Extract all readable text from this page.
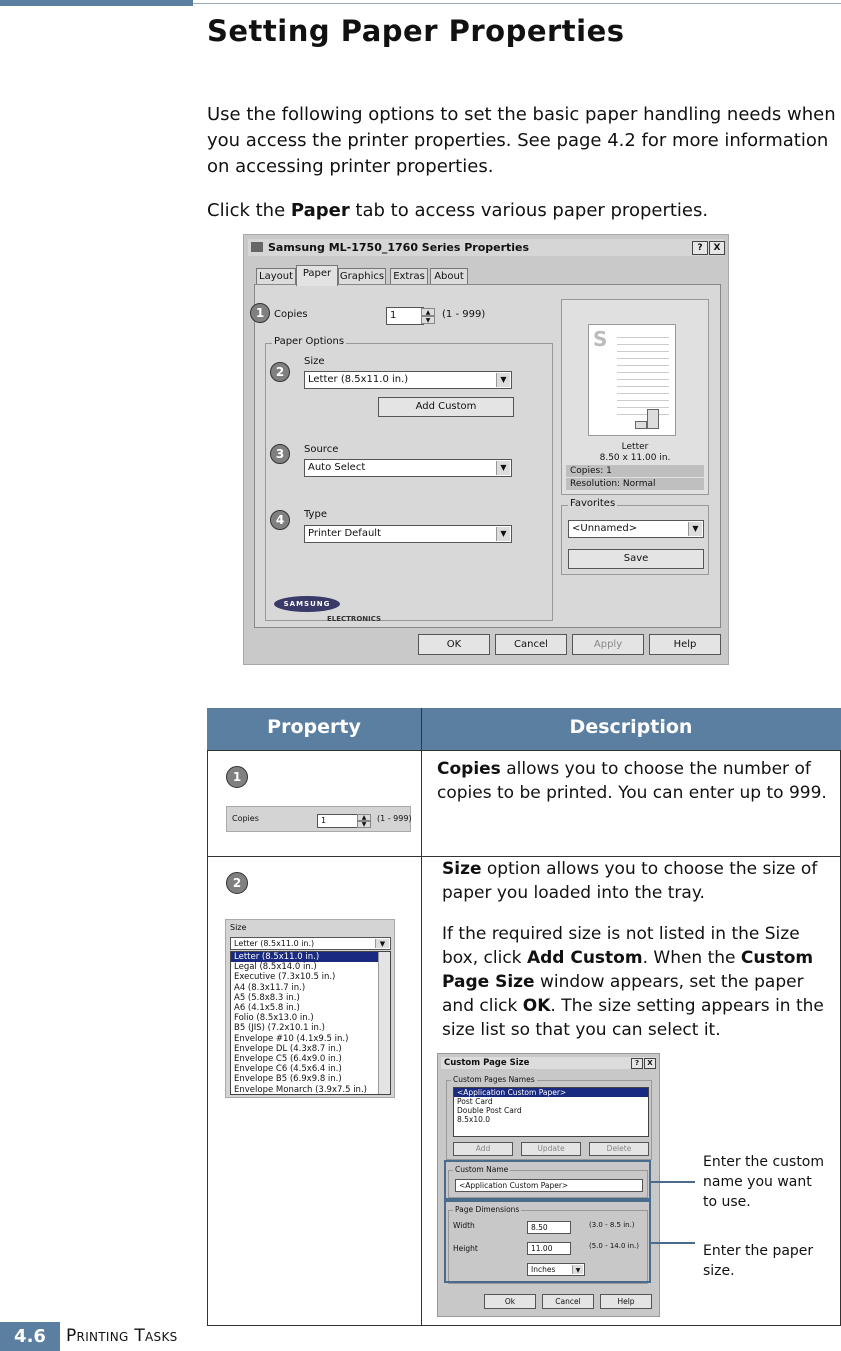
Setting Paper Properties

Use the following options to set the basic paper handling needs when you access the printer properties. See page 4.2 for more information on accessing printer properties.

Click the Paper tab to access various paper properties.

Samsung ML-1750_1760 Series Properties	?	X
Layout Paper Graphics Extras About
1 Copies	1	▲
▼
(1 - 999)
Paper Options
2
Size
Letter (8.5x11.0 in.)	▼
Add Custom
3	Source
Auto Select	▼
4	Type
Printer Default	▼
S
Letter
8.50 x 11.00 in.
Copies: 1
Resolution: Normal
Favorites
<Unnamed>	▼
Save
SAMSUNG
ELECTRONICS
OK	Cancel	Apply	Help
Property	Description
1
Copies	1	▲
▼
(1 - 999)

Copies allows you to choose the number of copies to be printed. You can enter up to 999.

2
Size
Letter (8.5x11.0 in.)	▼
Letter (8.5x11.0 in.)
Legal (8.5x14.0 in.)
Executive (7.3x10.5 in.)
A4 (8.3x11.7 in.)
A5 (5.8x8.3 in.)
A6 (4.1x5.8 in.)
Folio (8.5x13.0 in.)
B5 (JIS) (7.2x10.1 in.)
Envelope #10 (4.1x9.5 in.)
Envelope DL (4.3x8.7 in.)
Envelope C5 (6.4x9.0 in.)
Envelope C6 (4.5x6.4 in.)
Envelope B5 (6.9x9.8 in.)
Envelope Monarch (3.9x7.5 in.)

Size option allows you to choose the size of paper you loaded into the tray.

If the required size is not listed in the Size box, click Add Custom. When the Custom Page Size window appears, set the paper and click OK. The size setting appears in the size list so that you can select it.

Custom Page Size	?	X
Custom Pages Names
<Application Custom Paper>
Post Card
Double Post Card
8.5x10.0
Add	Update	Delete
Custom Name
<Application Custom Paper>
Page Dimensions
Width	8.50	(3.0 - 8.5 in.)
Height	11.00	(5.0 - 14.0 in.)
Inches	▼
Ok	Cancel	Help
Enter the custom name you want to use.
Enter the paper size.
4.6	Printing Tasks
